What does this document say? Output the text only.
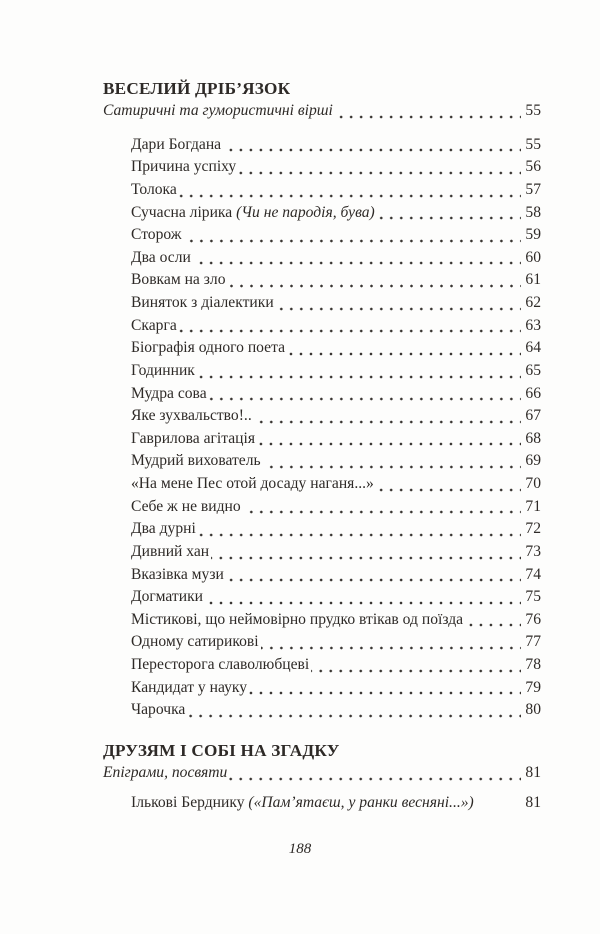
ВЕСЕЛИЙ ДРІБ’ЯЗОК
Сатиричні та гумористичні вірші	55
Дари Богдана	55
Причина успіху	56
Толока	57
Сучасна лірика (Чи не пародія, бува)	58
Сторож	59
Два осли	60
Вовкам на зло	61
Виняток з діалектики	62
Скарга	63
Біографія одного поета	64
Годинник	65
Мудра сова	66
Яке зухвальство!..	67
Гаврилова агітація	68
Мудрий вихователь	69
«На мене Пес отой досаду наганя...»	70
Себе ж не видно	71
Два дурні	72
Дивний хан	73
Вказівка музи	74
Догматики	75
Містикові, що неймовірно прудко втікав од поїзда	76
Одному сатирикові	77
Пересторога славолюбцеві	78
Кандидат у науку	79
Чарочка	80
ДРУЗЯМ І СОБІ НА ЗГАДКУ
Епіграми, посвяти	81
Ількові Берднику («Пам’ятаєш, у ранки весняні...»)	81
188
